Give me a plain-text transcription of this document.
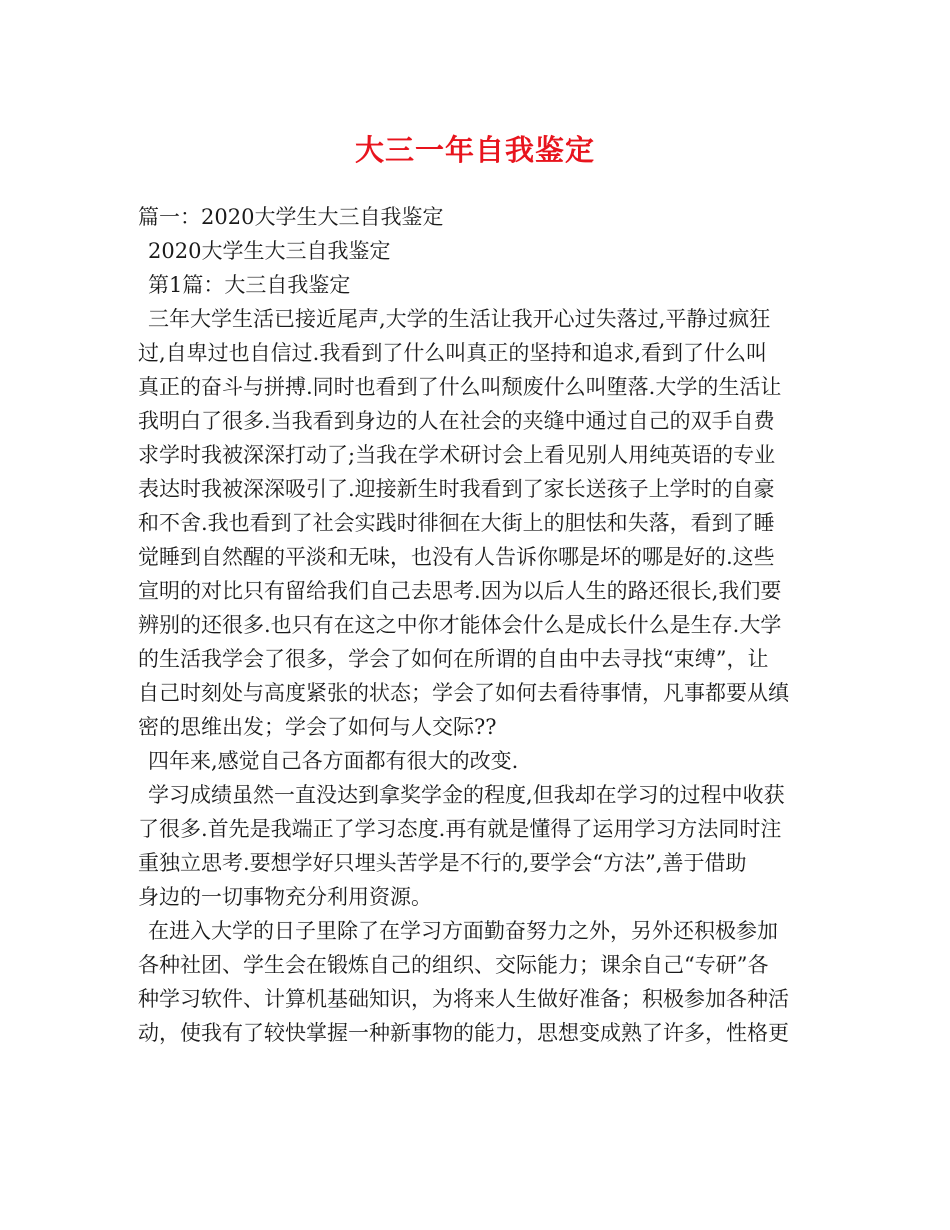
大三一年自我鉴定
篇一：2020大学生大三自我鉴定
2020大学生大三自我鉴定
第1篇：大三自我鉴定
三年大学生活已接近尾声,大学的生活让我开心过失落过,平静过疯狂
过,自卑过也自信过.我看到了什么叫真正的坚持和追求,看到了什么叫
真正的奋斗与拼搏.同时也看到了什么叫颓废什么叫堕落.大学的生活让
我明白了很多.当我看到身边的人在社会的夹缝中通过自己的双手自费
求学时我被深深打动了;当我在学术研讨会上看见别人用纯英语的专业
表达时我被深深吸引了.迎接新生时我看到了家长送孩子上学时的自豪
和不舍.我也看到了社会实践时徘徊在大街上的胆怯和失落，看到了睡
觉睡到自然醒的平淡和无味，也没有人告诉你哪是坏的哪是好的.这些
宣明的对比只有留给我们自己去思考.因为以后人生的路还很长,我们要
辨别的还很多.也只有在这之中你才能体会什么是成长什么是生存.大学
的生活我学会了很多，学会了如何在所谓的自由中去寻找“束缚”，让
自己时刻处与高度紧张的状态；学会了如何去看待事情，凡事都要从缜
密的思维出发；学会了如何与人交际??
四年来,感觉自己各方面都有很大的改变.
学习成绩虽然一直没达到拿奖学金的程度,但我却在学习的过程中收获
了很多.首先是我端正了学习态度.再有就是懂得了运用学习方法同时注
重独立思考.要想学好只埋头苦学是不行的,要学会“方法”,善于借助
身边的一切事物充分利用资源。
在进入大学的日子里除了在学习方面勤奋努力之外，另外还积极参加
各种社团、学生会在锻炼自己的组织、交际能力；课余自己“专研”各
种学习软件、计算机基础知识，为将来人生做好准备；积极参加各种活
动，使我有了较快掌握一种新事物的能力，思想变成熟了许多，性格更
